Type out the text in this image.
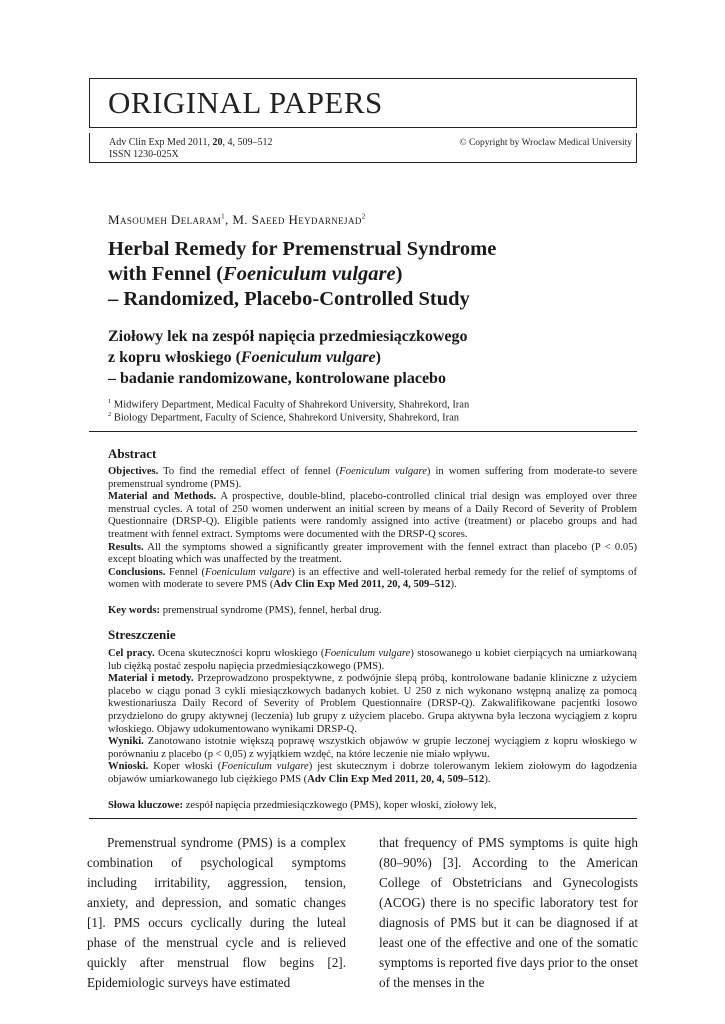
ORIGINAL PAPERS
Adv Clin Exp Med 2011, 20, 4, 509–512
ISSN 1230-025X
© Copyright by Wroclaw Medical University
Masoumeh Delaram$^1$, M. Saeed Heydarnejad$^2$
Herbal Remedy for Premenstrual Syndrome
with Fennel (Foeniculum vulgare)
– Randomized, Placebo-Controlled Study
Ziołowy lek na zespół napięcia przedmiesiączkowego
z kopru włoskiego (Foeniculum vulgare)
– badanie randomizowane, kontrolowane placebo
$^1$ Midwifery Department, Medical Faculty of Shahrekord University, Shahrekord, Iran
$^2$ Biology Department, Faculty of Science, Shahrekord University, Shahrekord, Iran
Abstract

Objectives. To find the remedial effect of fennel (Foeniculum vulgare) in women suffering from moderate-to severe premenstrual syndrome (PMS).
Material and Methods. A prospective, double-blind, placebo-controlled clinical trial design was employed over three menstrual cycles. A total of 250 women underwent an initial screen by means of a Daily Record of Severity of Problem Questionnaire (DRSP-Q). Eligible patients were randomly assigned into active (treatment) or placebo groups and had treatment with fennel extract. Symptoms were documented with the DRSP-Q scores.
Results. All the symptoms showed a significantly greater improvement with the fennel extract than placebo (P < 0.05) except bloating which was unaffected by the treatment.
Conclusions. Fennel (Foeniculum vulgare) is an effective and well-tolerated herbal remedy for the relief of symptoms of women with moderate to severe PMS (Adv Clin Exp Med 2011, 20, 4, 509–512).

Key words: premenstrual syndrome (PMS), fennel, herbal drug.

Streszczenie

Cel pracy. Ocena skuteczności kopru włoskiego (Foeniculum vulgare) stosowanego u kobiet cierpiących na umiarkowaną lub ciężką postać zespołu napięcia przedmiesiączkowego (PMS).
Materiał i metody. Przeprowadzono prospektywne, z podwójnie ślepą próbą, kontrolowane badanie kliniczne z użyciem placebo w ciągu ponad 3 cykli miesiączkowych badanych kobiet. U 250 z nich wykonano wstępną analizę za pomocą kwestionariusza Daily Record of Severity of Problem Questionnaire (DRSP-Q). Zakwalifikowane pacjentki losowo przydzielono do grupy aktywnej (leczenia) lub grupy z użyciem placebo. Grupa aktywna była leczona wyciągiem z kopru włoskiego. Objawy udokumentowano wynikami DRSP-Q.
Wyniki. Zanotowano istotnie większą poprawę wszystkich objawów w grupie leczonej wyciągiem z kopru włoskiego w porównaniu z placebo (p < 0,05) z wyjątkiem wzdęć, na które leczenie nie miało wpływu.
Wnioski. Koper włoski (Foeniculum vulgare) jest skutecznym i dobrze tolerowanym lekiem ziołowym do łagodzenia objawów umiarkowanego lub ciężkiego PMS (Adv Clin Exp Med 2011, 20, 4, 509–512).

Słowa kluczowe: zespół napięcia przedmiesiączkowego (PMS), koper włoski, ziołowy lek,

Premenstrual syndrome (PMS) is a complex combination of psychological symptoms including irritability, aggression, tension, anxiety, and depression, and somatic changes [1]. PMS occurs cyclically during the luteal phase of the menstrual cycle and is relieved quickly after menstrual flow begins [2]. Epidemiologic surveys have estimated

that frequency of PMS symptoms is quite high (80–90%) [3]. According to the American College of Obstetricians and Gynecologists (ACOG) there is no specific laboratory test for diagnosis of PMS but it can be diagnosed if at least one of the effective and one of the somatic symptoms is reported five days prior to the onset of the menses in the
